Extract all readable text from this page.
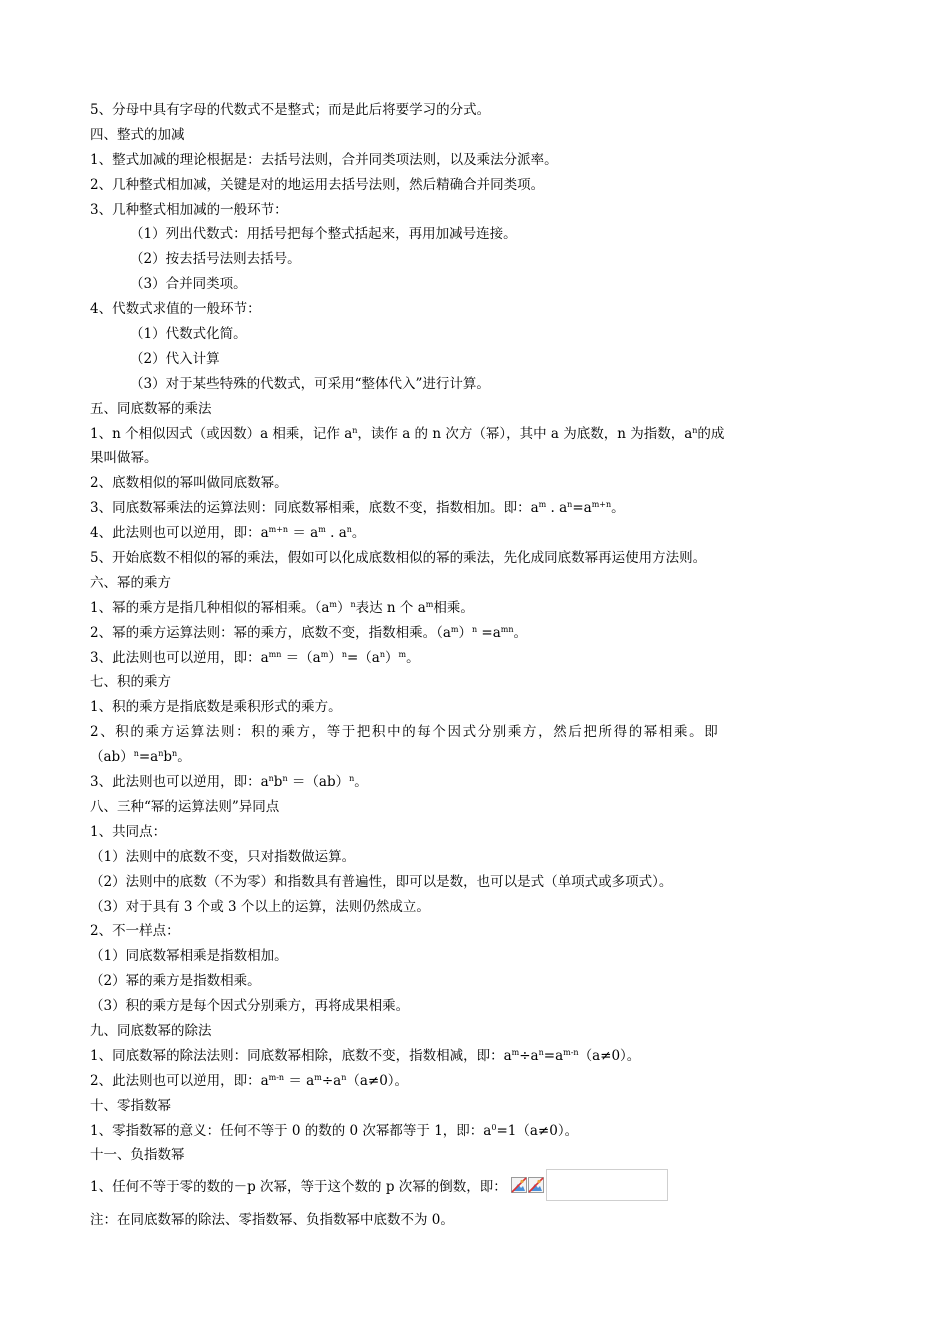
5、分母中具有字母的代数式不是整式；而是此后将要学习的分式。
四、整式的加减
1、整式加减的理论根据是：去括号法则，合并同类项法则，以及乘法分派率。
2、几种整式相加减，关键是对的地运用去括号法则，然后精确合并同类项。
3、几种整式相加减的一般环节：
（1）列出代数式：用括号把每个整式括起来，再用加减号连接。
（2）按去括号法则去括号。
（3）合并同类项。
4、代数式求值的一般环节：
（1）代数式化简。
（2）代入计算
（3）对于某些特殊的代数式，可采用“整体代入”进行计算。
五、同底数幂的乘法
1、n 个相似因式（或因数）a 相乘，记作 $a^n$，读作 a 的 n 次方（幂），其中 a 为底数，n 为指数，$a^n$的成
果叫做幂。
2、底数相似的幂叫做同底数幂。
3、同底数幂乘法的运算法则：同底数幂相乘，底数不变，指数相加。即：$a^m$ . $a^n=a^{m+n}$。
4、此法则也可以逆用，即：$a^{m+n} = a^m$ . $a^n$。
5、开始底数不相似的幂的乘法，假如可以化成底数相似的幂的乘法，先化成同底数幂再运使用方法则。
六、幂的乘方
1、幂的乘方是指几种相似的幂相乘。$(a^m)^n$表达 n 个 $a^m$相乘。
2、幂的乘方运算法则：幂的乘方，底数不变，指数相乘。$(a^m)^n =a^{mn}$。
3、此法则也可以逆用，即：$a^{mn} =(a^m)^n=(a^n)^m$。
七、积的乘方
1、积的乘方是指底数是乘积形式的乘方。
2、积的乘方运算法则：积的乘方，等于把积中的每个因式分别乘方，然后把所得的幂相乘。即
$(ab)^n=a^nb^n$。
3、此法则也可以逆用，即：$a^nb^n =(ab)^n$。
八、三种“幂的运算法则”异同点
1、共同点：
（1）法则中的底数不变，只对指数做运算。
（2）法则中的底数（不为零）和指数具有普遍性，即可以是数，也可以是式（单项式或多项式）。
（3）对于具有 3 个或 3 个以上的运算，法则仍然成立。
2、不一样点：
（1）同底数幂相乘是指数相加。
（2）幂的乘方是指数相乘。
（3）积的乘方是每个因式分别乘方，再将成果相乘。
九、同底数幂的除法
1、同底数幂的除法法则：同底数幂相除，底数不变，指数相减，即：$a^m\div a^n=a^{m-n}(a\ne 0)$。
2、此法则也可以逆用，即：$a^{m-n} = a^m\div a^n(a\ne 0)$。
十、零指数幂
1、零指数幂的意义：任何不等于 0 的数的 0 次幂都等于 1，即：$a^0=1(a\ne 0)$。
十一、负指数幂
1、任何不等于零的数的－p 次幂，等于这个数的 p 次幂的倒数，即：
注：在同底数幂的除法、零指数幂、负指数幂中底数不为 0。
